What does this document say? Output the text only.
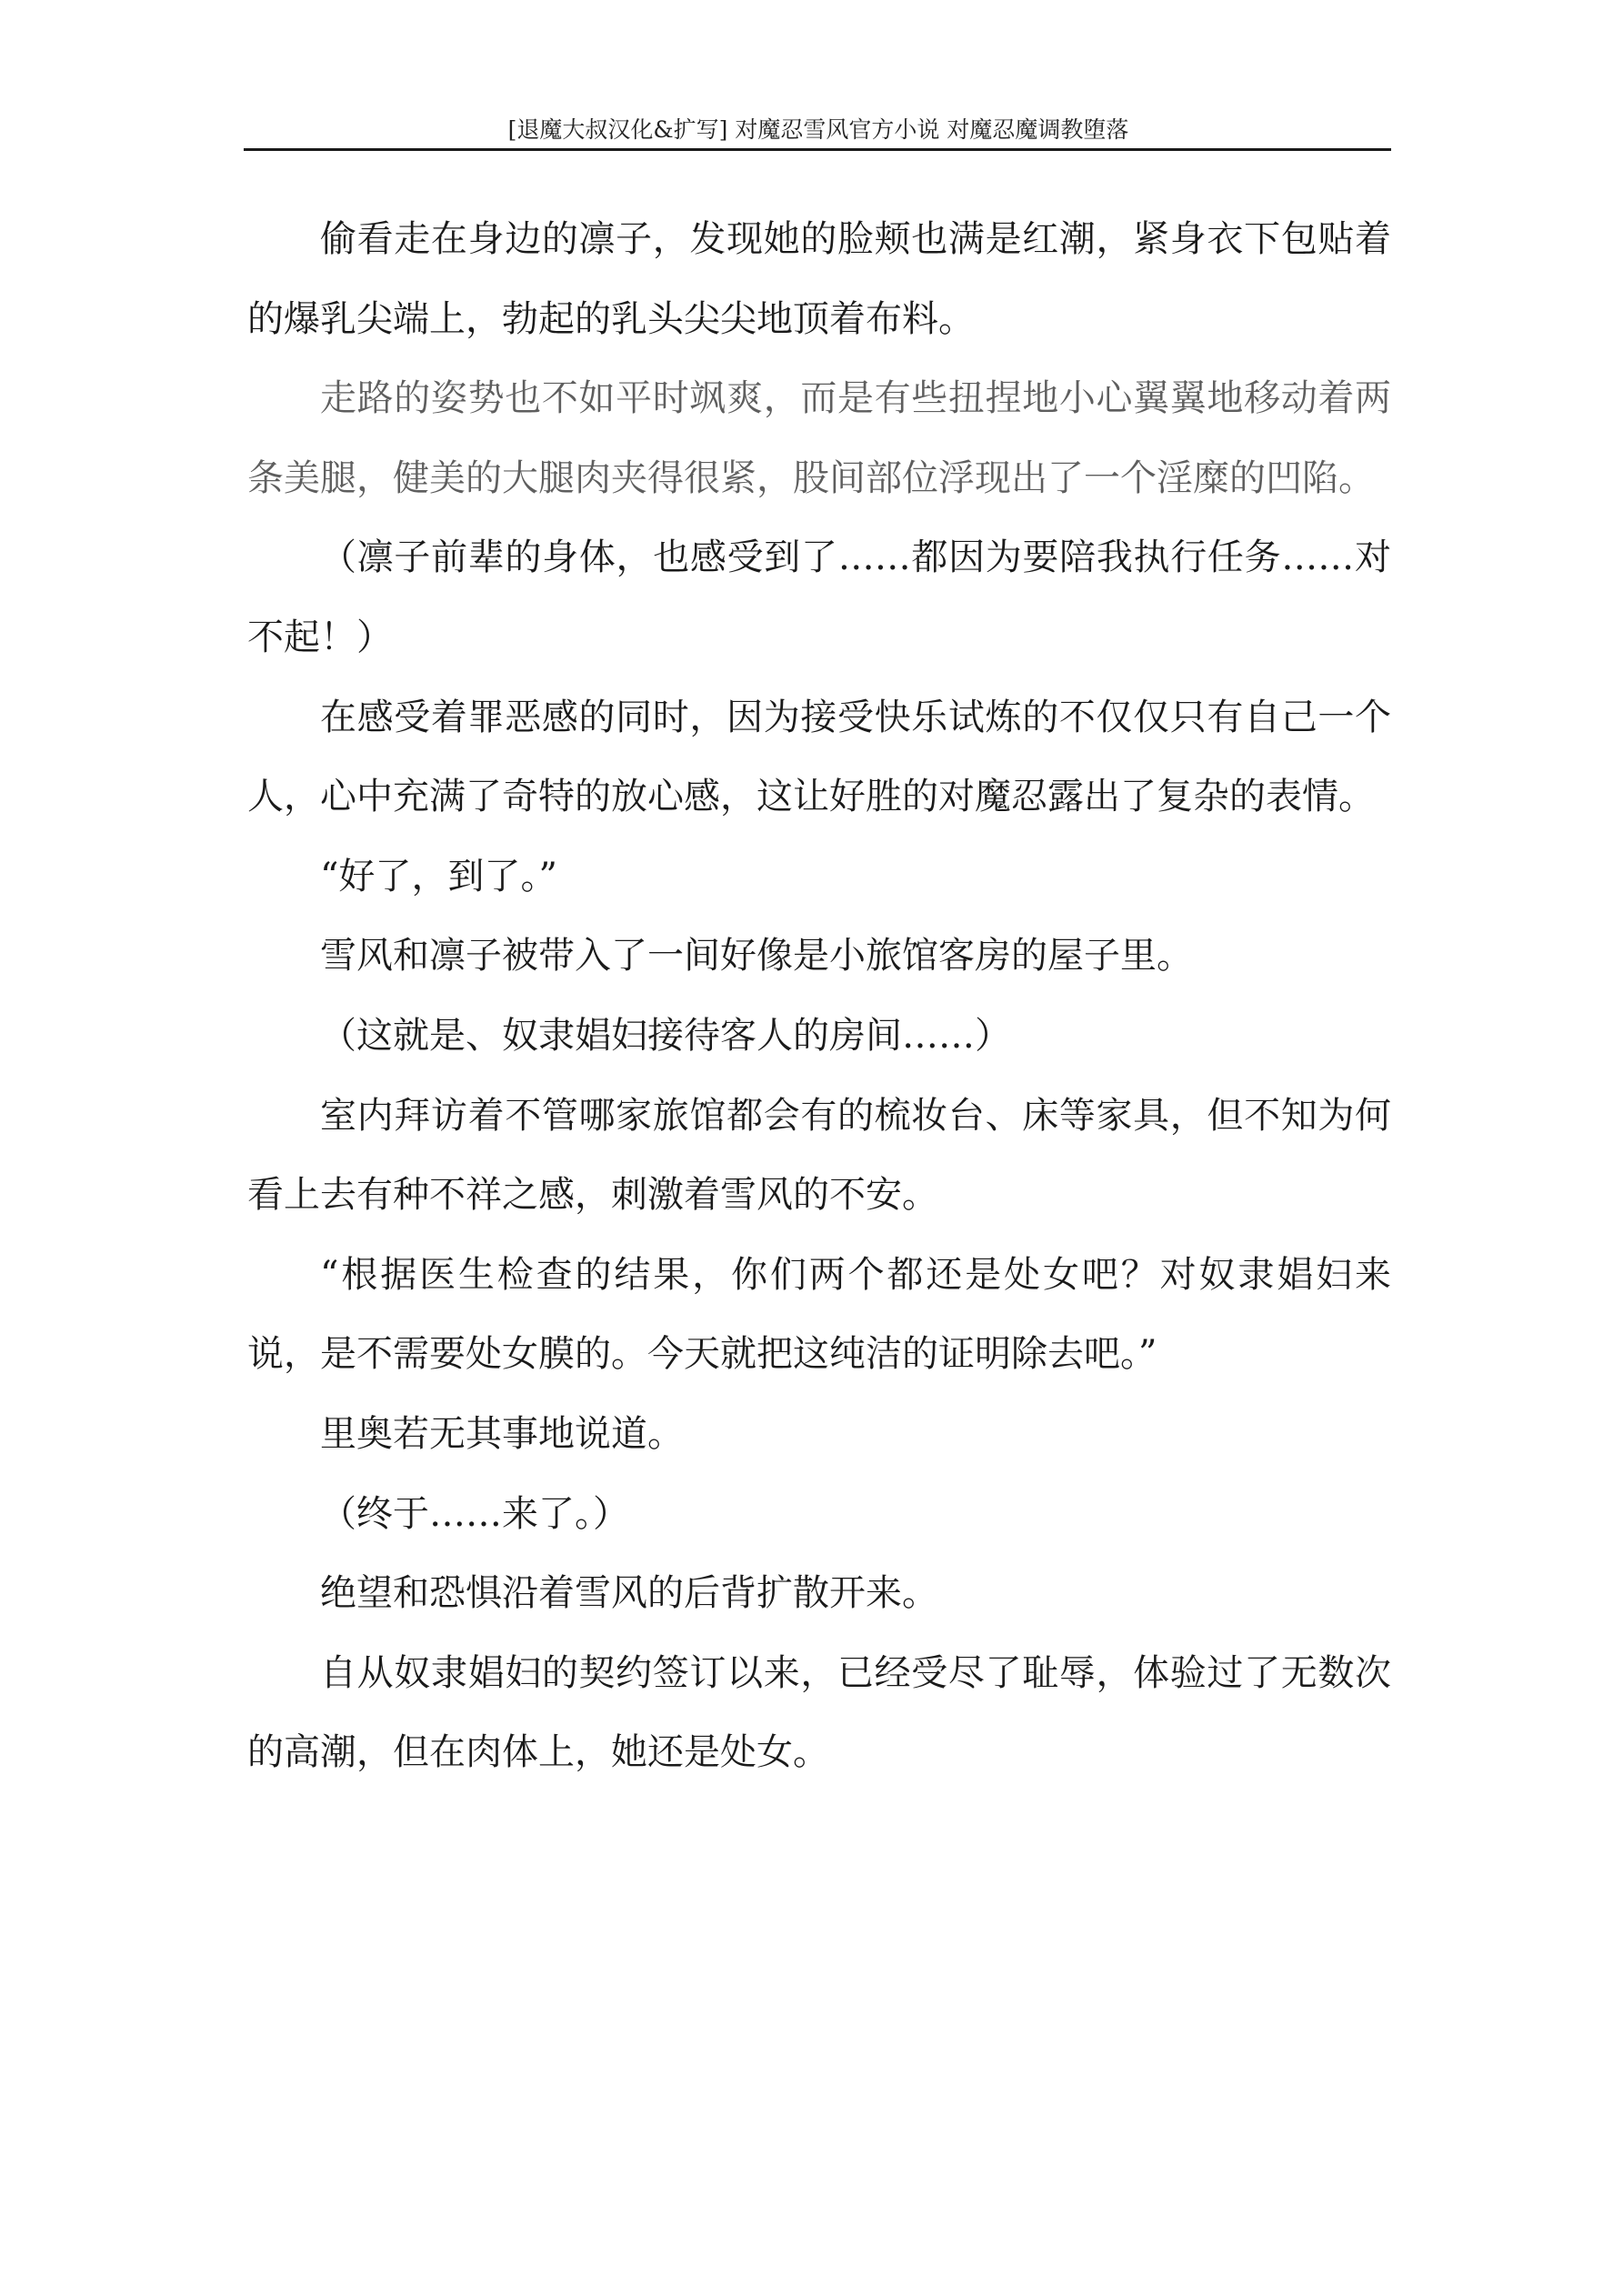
[退魔大叔汉化&扩写] 对魔忍雪风官方小说 对魔忍魔调教堕落

偷看走在身边的凛子，发现她的脸颊也满是红潮，紧身衣下包贴着的爆乳尖端上，勃起的乳头尖尖地顶着布料。

走路的姿势也不如平时飒爽，而是有些扭捏地小心翼翼地移动着两条美腿，健美的大腿肉夹得很紧，股间部位浮现出了一个淫糜的凹陷。

（凛子前辈的身体，也感受到了……都因为要陪我执行任务……对不起！）

在感受着罪恶感的同时，因为接受快乐试炼的不仅仅只有自己一个人，心中充满了奇特的放心感，这让好胜的对魔忍露出了复杂的表情。

“好了，到了。”

雪风和凛子被带入了一间好像是小旅馆客房的屋子里。

（这就是、奴隶娼妇接待客人的房间……）

室内拜访着不管哪家旅馆都会有的梳妆台、床等家具，但不知为何看上去有种不祥之感，刺激着雪风的不安。

“根据医生检查的结果，你们两个都还是处女吧？对奴隶娼妇来说，是不需要处女膜的。今天就把这纯洁的证明除去吧。”

里奥若无其事地说道。

（终于……来了。）

绝望和恐惧沿着雪风的后背扩散开来。

自从奴隶娼妇的契约签订以来，已经受尽了耻辱，体验过了无数次的高潮，但在肉体上，她还是处女。
